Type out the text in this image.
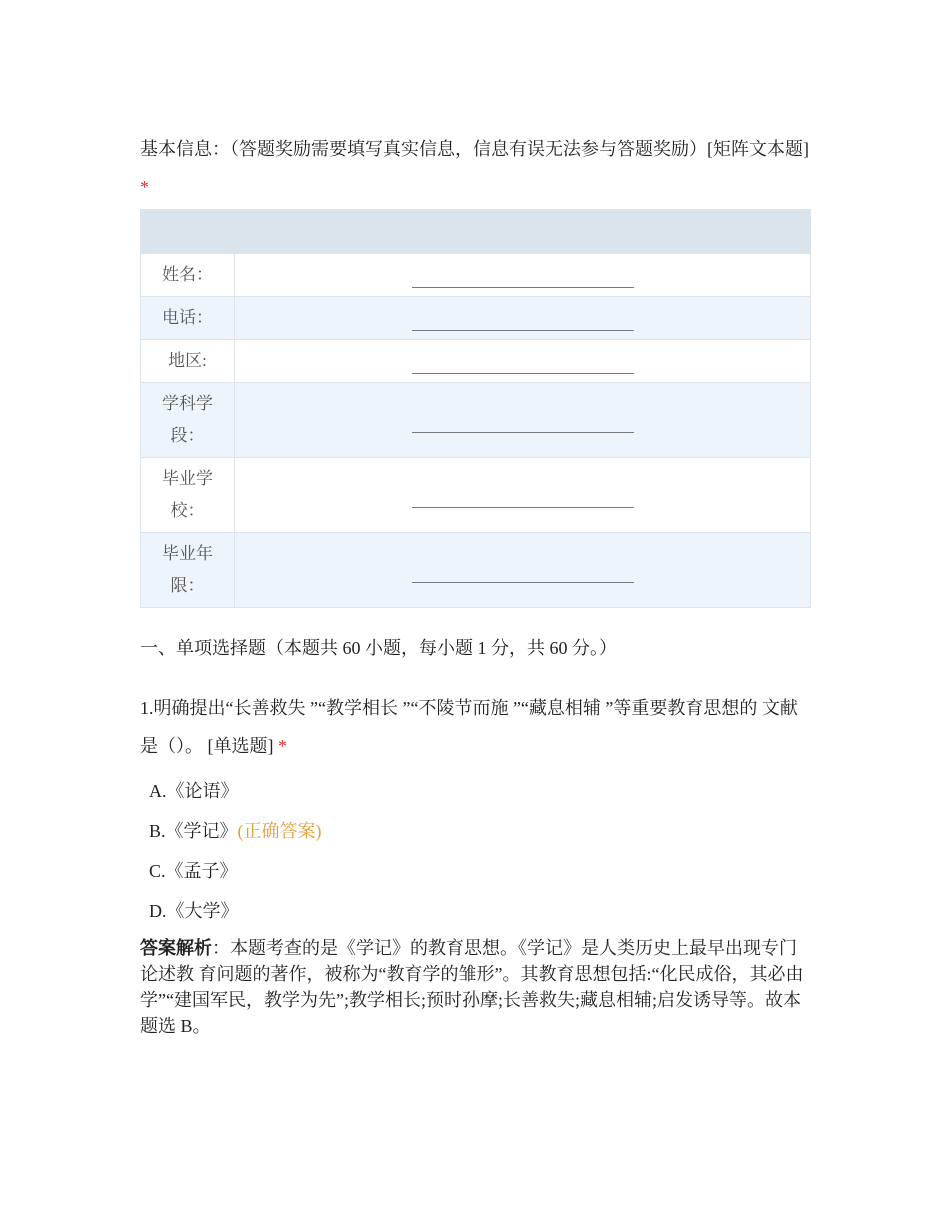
基本信息：（答题奖励需要填写真实信息，信息有误无法参与答题奖励）[矩阵文本题] *

姓名：	
电话：	
地区:	
学科学段：	
毕业学校：	
毕业年限：	
一、单项选择题（本题共 60 小题，每小题 1 分，共 60 分。）
1.明确提出“长善救失 ”“教学相长 ”“不陵节而施 ”“藏息相辅 ”等重要教育思想的 文献是（）。 [单选题] *
A.《论语》
B.《学记》(正确答案)
C.《孟子》
D.《大学》
答案解析：本题考查的是《学记》的教育思想。《学记》是人类历史上最早出现专门论述教 育问题的著作，被称为“教育学的雏形”。其教育思想包括:“化民成俗，其必由学”“建国军民，教学为先”;教学相长;预时孙摩;长善救失;藏息相辅;启发诱导等。故本题选 B。
